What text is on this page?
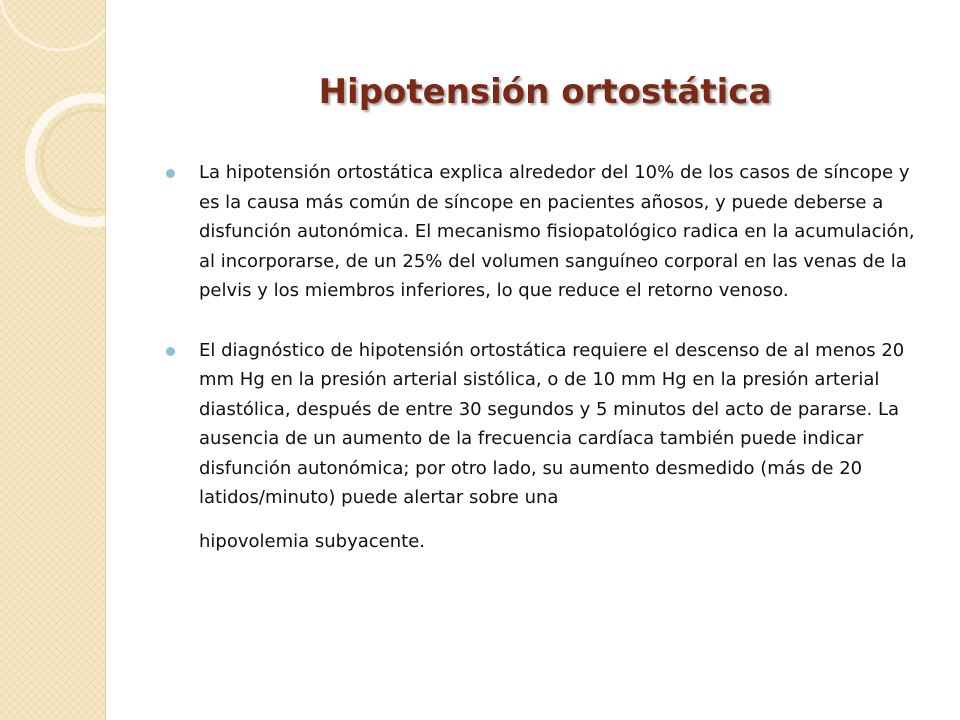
Hipotensión ortostática
La hipotensión ortostática explica alrededor del 10% de los casos de síncope y es la causa más común de síncope en pacientes añosos, y puede deberse a disfunción autonómica. El mecanismo fisiopatológico radica en la acumulación, al incorporarse, de un 25% del volumen sanguíneo corporal en las venas de la pelvis y los miembros inferiores, lo que reduce el retorno venoso.
El diagnóstico de hipotensión ortostática requiere el descenso de al menos 20 mm Hg en la presión arterial sistólica, o de 10 mm Hg en la presión arterial diastólica, después de entre 30 segundos y 5 minutos del acto de pararse. La ausencia de un aumento de la frecuencia cardíaca también puede indicar disfunción autonómica; por otro lado, su aumento desmedido (más de 20 latidos/minuto) puede alertar sobre una
hipovolemia subyacente.
